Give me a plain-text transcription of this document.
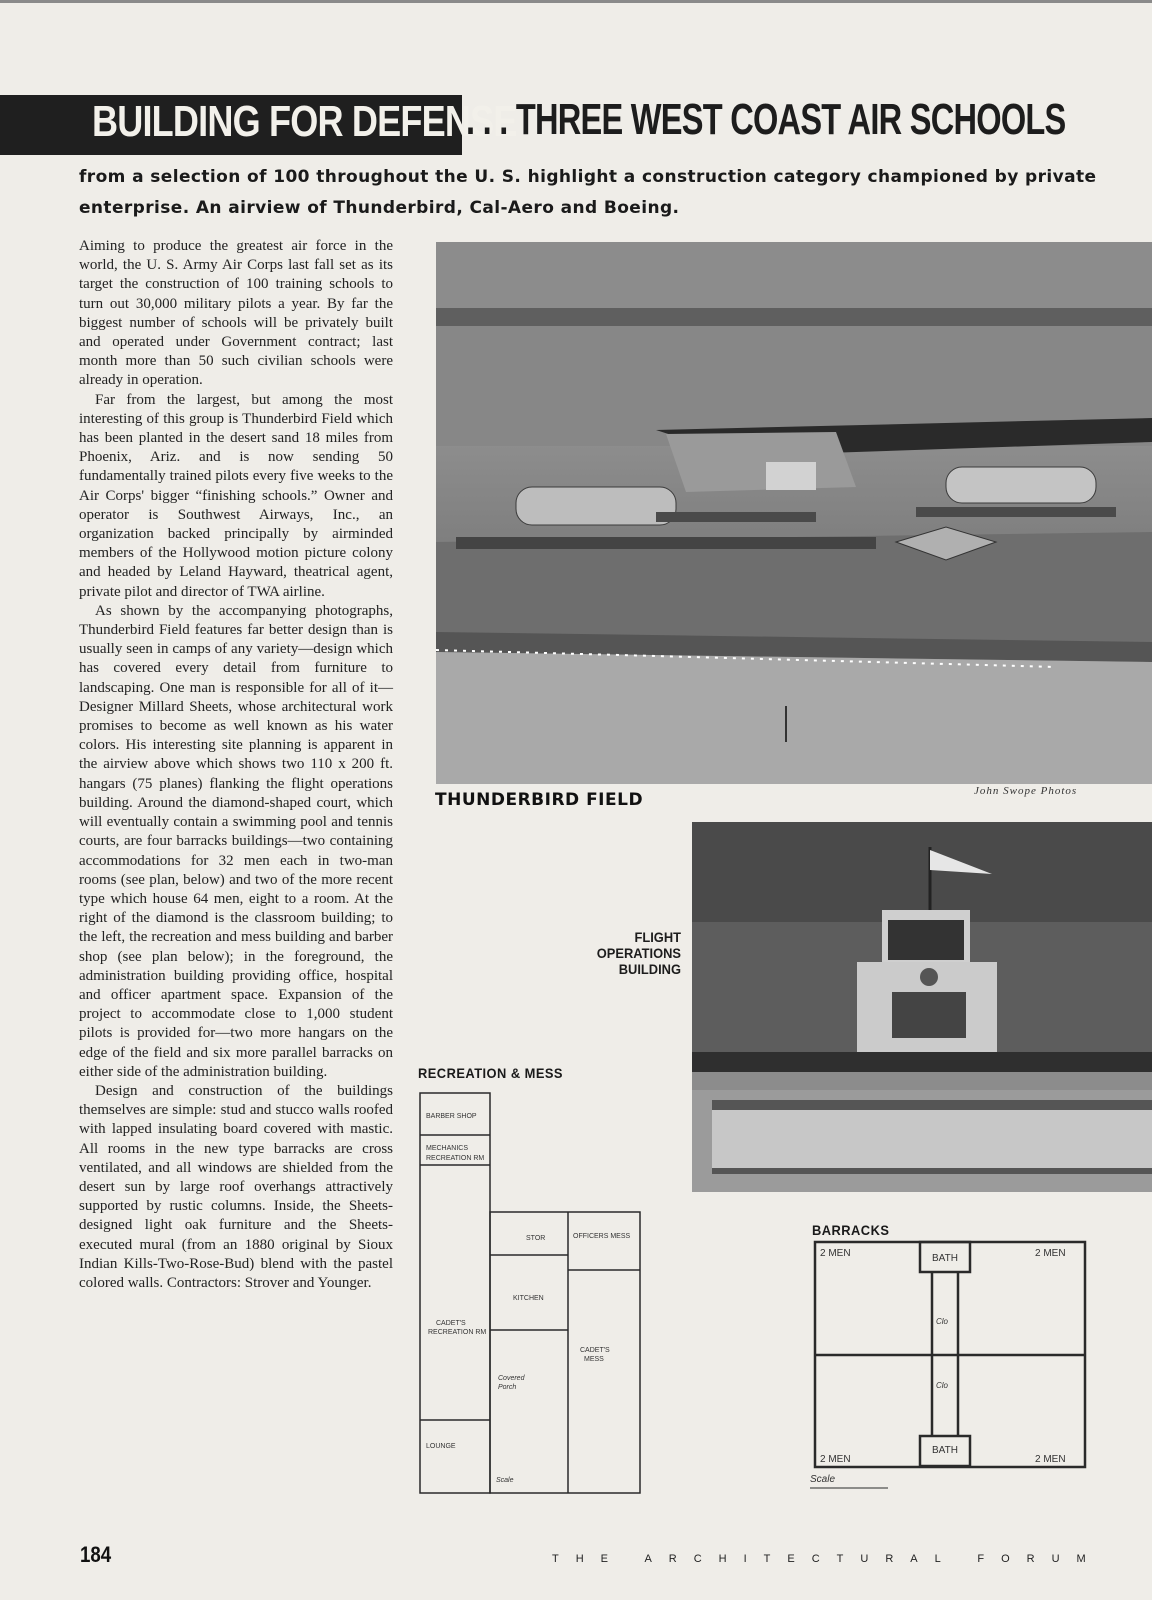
BUILDING FOR DEFENSE
. . . THREE WEST COAST AIR SCHOOLS
from a selection of 100 throughout the U. S. highlight a construction category championed by private enterprise. An airview of Thunderbird, Cal-Aero and Boeing.

Aiming to produce the greatest air force in the world, the U. S. Army Air Corps last fall set as its target the construction of 100 training schools to turn out 30,000 military pilots a year. By far the biggest number of schools will be privately built and operated under Government contract; last month more than 50 such civilian schools were already in operation.

Far from the largest, but among the most interesting of this group is Thunderbird Field which has been planted in the desert sand 18 miles from Phoenix, Ariz. and is now sending 50 fundamentally trained pilots every five weeks to the Air Corps' bigger “finishing schools.” Owner and operator is Southwest Airways, Inc., an organization backed principally by airminded members of the Hollywood motion picture colony and headed by Leland Hayward, theatrical agent, private pilot and director of TWA airline.

As shown by the accompanying photographs, Thunderbird Field features far better design than is usually seen in camps of any variety—design which has covered every detail from furniture to landscaping. One man is responsible for all of it—Designer Millard Sheets, whose architectural work promises to become as well known as his water colors. His interesting site planning is apparent in the airview above which shows two 110 x 200 ft. hangars (75 planes) flanking the flight operations building. Around the diamond-shaped court, which will eventually contain a swimming pool and tennis courts, are four barracks buildings—two containing accommodations for 32 men each in two-man rooms (see plan, below) and two of the more recent type which house 64 men, eight to a room. At the right of the diamond is the classroom building; to the left, the recreation and mess building and barber shop (see plan below); in the foreground, the administration building providing office, hospital and officer apartment space. Expansion of the project to accommodate close to 1,000 student pilots is provided for—two more hangars on the edge of the field and six more parallel barracks on either side of the administration building.

Design and construction of the buildings themselves are simple: stud and stucco walls roofed with lapped insulating board covered with mastic. All rooms in the new type barracks are cross ventilated, and all windows are shielded from the desert sun by large roof overhangs attractively supported by rustic columns. Inside, the Sheets-designed light oak furniture and the Sheets-executed mural (from an 1880 original by Sioux Indian Kills-Two-Rose-Bud) blend with the pastel colored walls. Contractors: Strover and Younger.

John Swope Photos
THUNDERBIRD FIELD
FLIGHT
OPERATIONS
BUILDING
RECREATION & MESS
BARBER SHOP
MECHANICS
RECREATION RM
OFFICERS MESS
STOR
KITCHEN
CADET'S
RECREATION RM
CADET'S
MESS
LOUNGE
Covered
Porch
Scale
BARRACKS
2 MEN	2 MEN
2 MEN	2 MEN
BATH
BATH
Clo
Clo
Scale
184	THE ARCHITECTURAL FORUM
